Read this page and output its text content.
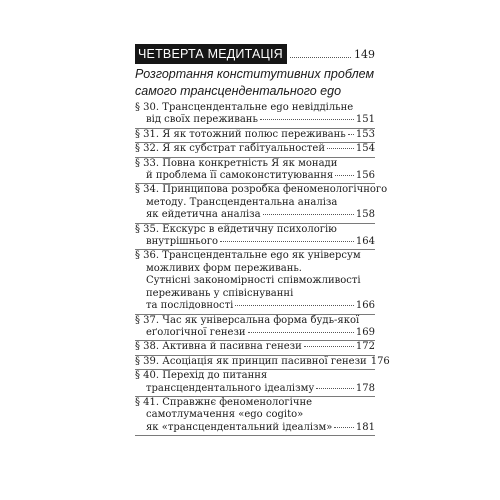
ЧЕТВЕРТА МЕДИТАЦІЯ	149
Розгортання конститутивних проблем
самого трансцендентального ego
§ 30.
Трансцендентальне ego невіддільне
від своїх переживань	151
§ 31.
Я як тотожний полюс переживань 153
§ 32.
Я як субстрат габітуальностей	154
§ 33.
Повна конкретність Я як монади
й проблема її самоконституювання 156
§ 34.
Принципова розробка феноменологічного
методу. Трансцендентальна аналіза
як ейдетична аналіза	158
§ 35.
Екскурс в ейдетичну психологію
внутрішнього	164
§ 36.
Трансцендентальне ego як універсум
можливих форм переживань.
Сутнісні закономірності співможливості
переживань у співіснуванні
та послідовності	166
§ 37.
Час як універсальна форма будь-якої
еґологічної генези	169
§ 38.
Активна й пасивна генези	172
§ 39.
Асоціація як принцип пасивної генези 176
§ 40.
Перехід до питання
трансцендентального ідеалізму	178
§ 41.
Справжнє феноменологічне
самотлумачення «ego cogito»
як «трансцендентальний ідеалізм» 181
